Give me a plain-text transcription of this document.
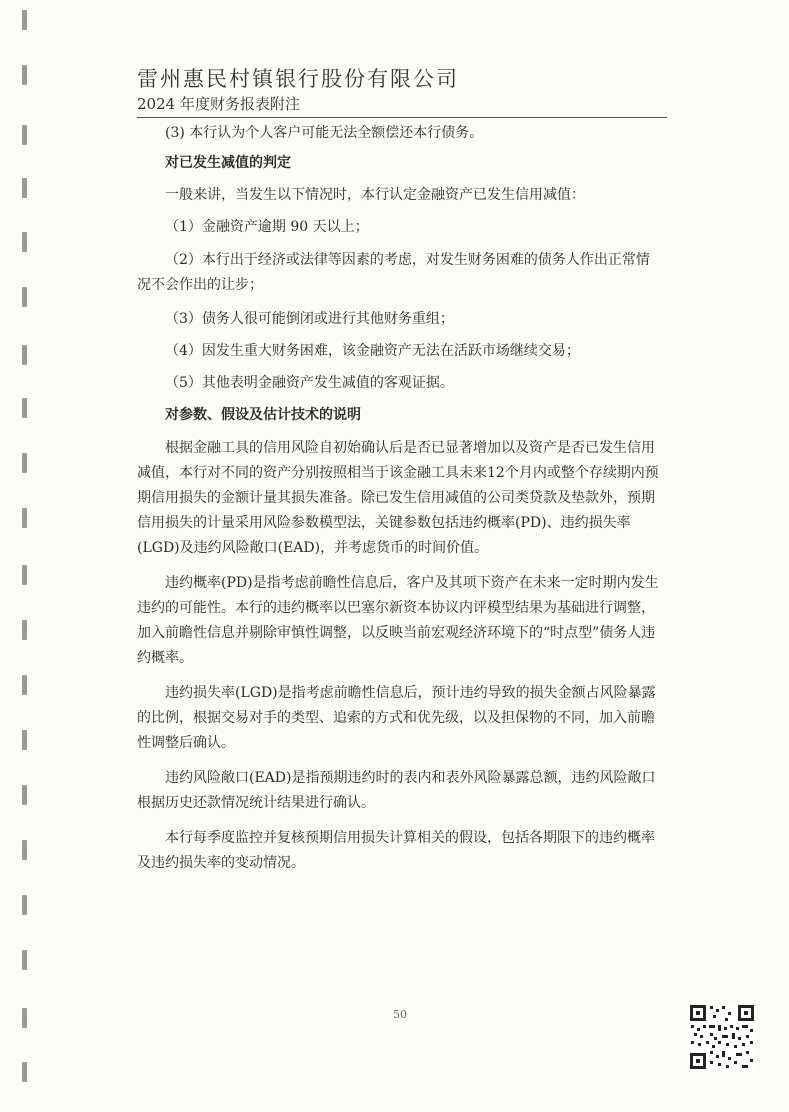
雷州惠民村镇银行股份有限公司
2024 年度财务报表附注

(3) 本行认为个人客户可能无法全额偿还本行债务。

对已发生减值的判定

一般来讲，当发生以下情况时，本行认定金融资产已发生信用减值：

（1）金融资产逾期 90 天以上；

（2）本行出于经济或法律等因素的考虑，对发生财务困难的债务人作出正常情况不会作出的让步；

（3）债务人很可能倒闭或进行其他财务重组；

（4）因发生重大财务困难，该金融资产无法在活跃市场继续交易；

（5）其他表明金融资产发生减值的客观证据。

对参数、假设及估计技术的说明

根据金融工具的信用风险自初始确认后是否已显著增加以及资产是否已发生信用减值，本行对不同的资产分别按照相当于该金融工具未来12个月内或整个存续期内预期信用损失的金额计量其损失准备。除已发生信用减值的公司类贷款及垫款外，预期信用损失的计量采用风险参数模型法，关键参数包括违约概率(PD)、违约损失率(LGD)及违约风险敞口(EAD)，并考虑货币的时间价值。

违约概率(PD)是指考虑前瞻性信息后，客户及其项下资产在未来一定时期内发生违约的可能性。本行的违约概率以巴塞尔新资本协议内评模型结果为基础进行调整，加入前瞻性信息并剔除审慎性调整，以反映当前宏观经济环境下的“时点型”债务人违约概率。

违约损失率(LGD)是指考虑前瞻性信息后，预计违约导致的损失金额占风险暴露的比例，根据交易对手的类型、追索的方式和优先级，以及担保物的不同，加入前瞻性调整后确认。

违约风险敞口(EAD)是指预期违约时的表内和表外风险暴露总额，违约风险敞口根据历史还款情况统计结果进行确认。

本行每季度监控并复核预期信用损失计算相关的假设，包括各期限下的违约概率及违约损失率的变动情况。

50
